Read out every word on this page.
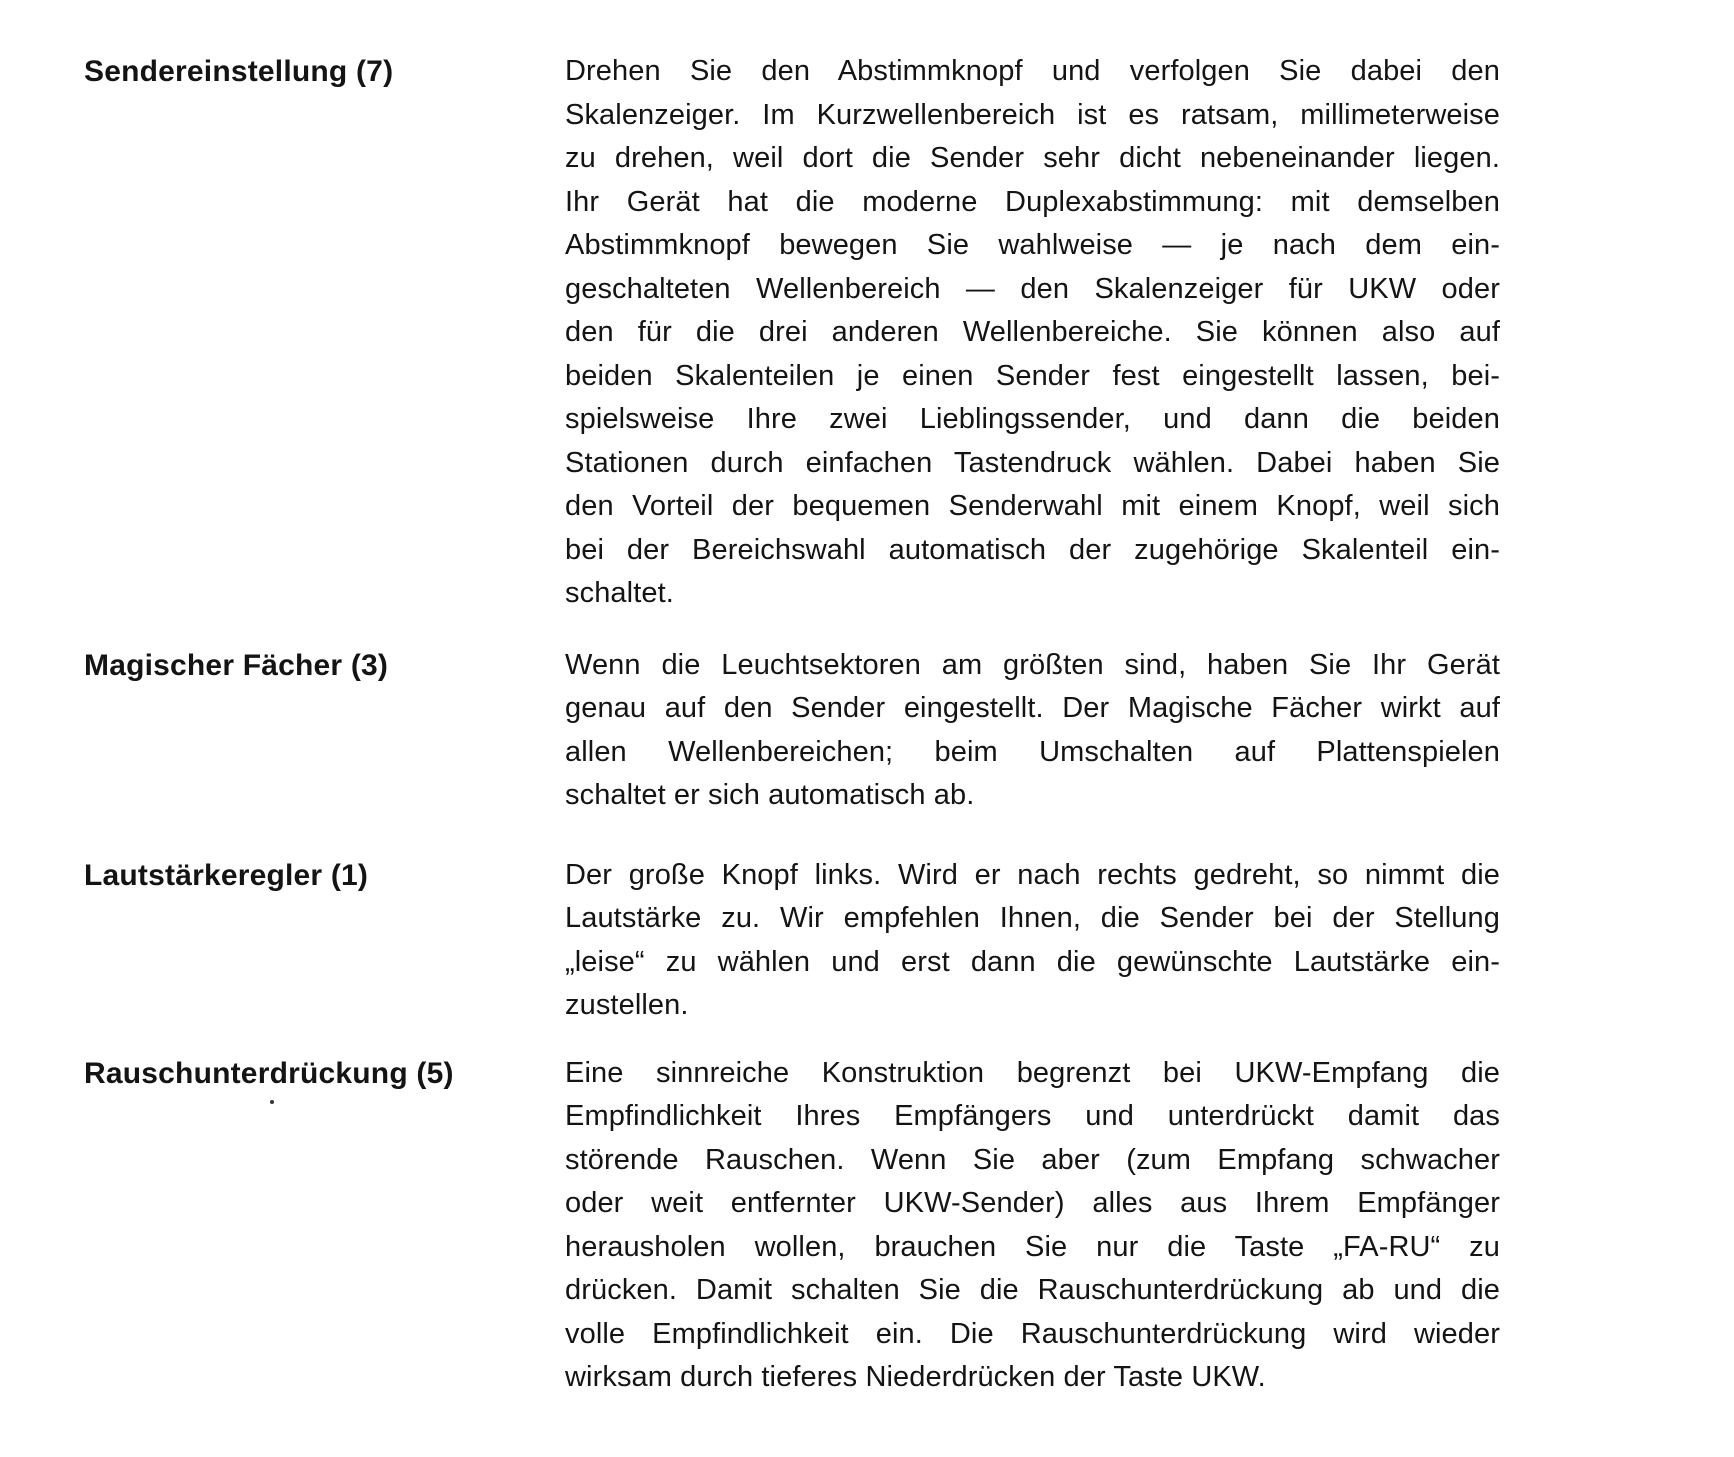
Sendereinstellung (7)	Drehen Sie den Abstimmknopf und verfolgen Sie dabei den
Skalenzeiger. Im Kurzwellenbereich ist es ratsam, millimeterweise
zu drehen, weil dort die Sender sehr dicht nebeneinander liegen.
Ihr Gerät hat die moderne Duplexabstimmung: mit demselben
Abstimmknopf bewegen Sie wahlweise — je nach dem ein-
geschalteten Wellenbereich — den Skalenzeiger für UKW oder
den für die drei anderen Wellenbereiche. Sie können also auf
beiden Skalenteilen je einen Sender fest eingestellt lassen, bei-
spielsweise Ihre zwei Lieblingssender, und dann die beiden
Stationen durch einfachen Tastendruck wählen. Dabei haben Sie
den Vorteil der bequemen Senderwahl mit einem Knopf, weil sich
bei der Bereichswahl automatisch der zugehörige Skalenteil ein-
schaltet.
Magischer Fächer (3)	Wenn die Leuchtsektoren am größten sind, haben Sie Ihr Gerät
genau auf den Sender eingestellt. Der Magische Fächer wirkt auf
allen Wellenbereichen; beim Umschalten auf Plattenspielen
schaltet er sich automatisch ab.
Lautstärkeregler (1)	Der große Knopf links. Wird er nach rechts gedreht, so nimmt die
Lautstärke zu. Wir empfehlen Ihnen, die Sender bei der Stellung
„leise“ zu wählen und erst dann die gewünschte Lautstärke ein-
zustellen.
Rauschunterdrückung (5)	Eine sinnreiche Konstruktion begrenzt bei UKW-Empfang die
Empfindlichkeit Ihres Empfängers und unterdrückt damit das
störende Rauschen. Wenn Sie aber (zum Empfang schwacher
oder weit entfernter UKW-Sender) alles aus Ihrem Empfänger
herausholen wollen, brauchen Sie nur die Taste „FA-RU“ zu
drücken. Damit schalten Sie die Rauschunterdrückung ab und die
volle Empfindlichkeit ein. Die Rauschunterdrückung wird wieder
wirksam durch tieferes Niederdrücken der Taste UKW.
